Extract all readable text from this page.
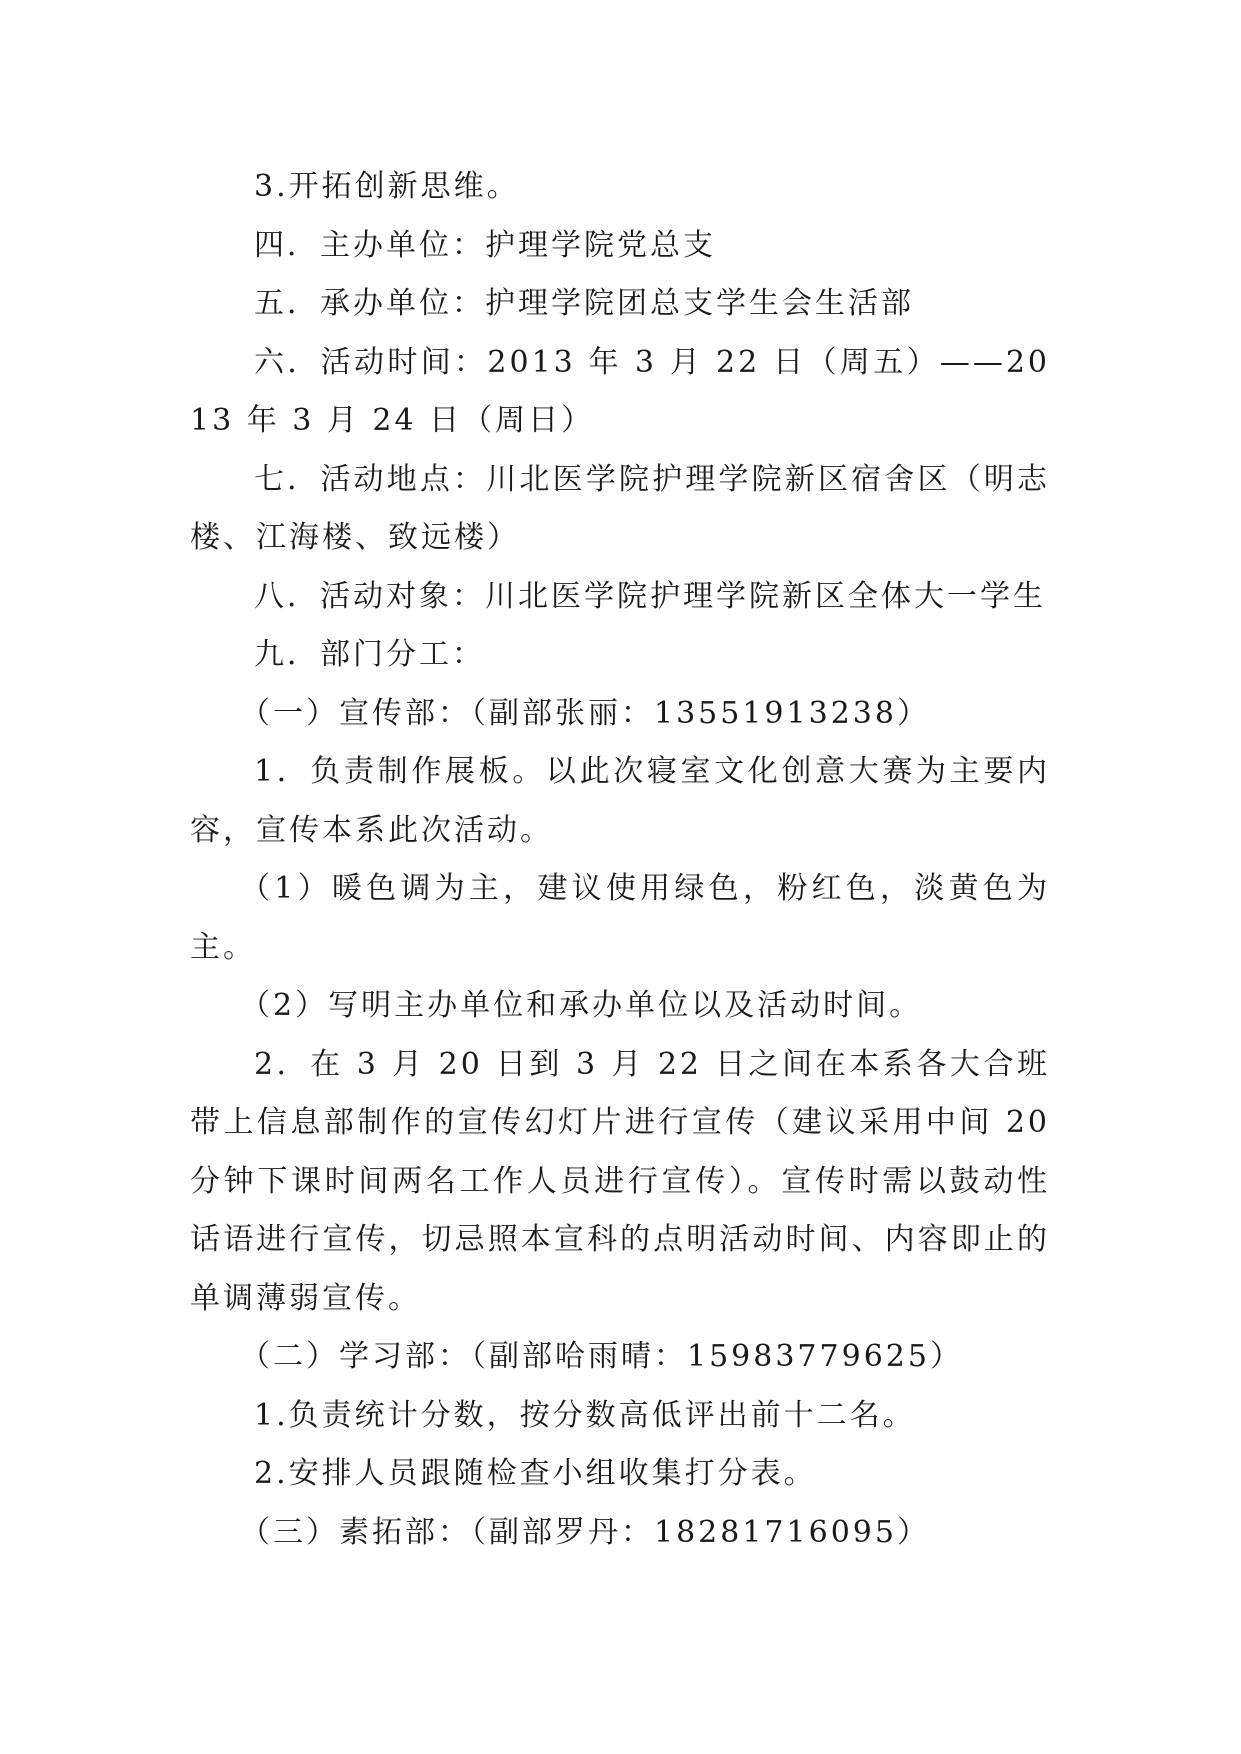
3.开拓创新思维。

四．主办单位：护理学院党总支

五．承办单位：护理学院团总支学生会生活部

六．活动时间：2013 年 3 月 22 日（周五）——2013 年 3 月 24 日（周日）

七．活动地点：川北医学院护理学院新区宿舍区（明志楼、江海楼、致远楼）

八．活动对象：川北医学院护理学院新区全体大一学生

九．部门分工：

（一）宣传部：（副部张丽：13551913238）

1．负责制作展板。以此次寝室文化创意大赛为主要内容，宣传本系此次活动。

（1）暖色调为主，建议使用绿色，粉红色，淡黄色为主。

（2）写明主办单位和承办单位以及活动时间。

2．在 3 月 20 日到 3 月 22 日之间在本系各大合班带上信息部制作的宣传幻灯片进行宣传（建议采用中间 20 分钟下课时间两名工作人员进行宣传）。宣传时需以鼓动性话语进行宣传，切忌照本宣科的点明活动时间、内容即止的单调薄弱宣传。

（二）学习部：（副部哈雨晴：15983779625）

1.负责统计分数，按分数高低评出前十二名。

2.安排人员跟随检查小组收集打分表。

（三）素拓部：（副部罗丹：18281716095）
